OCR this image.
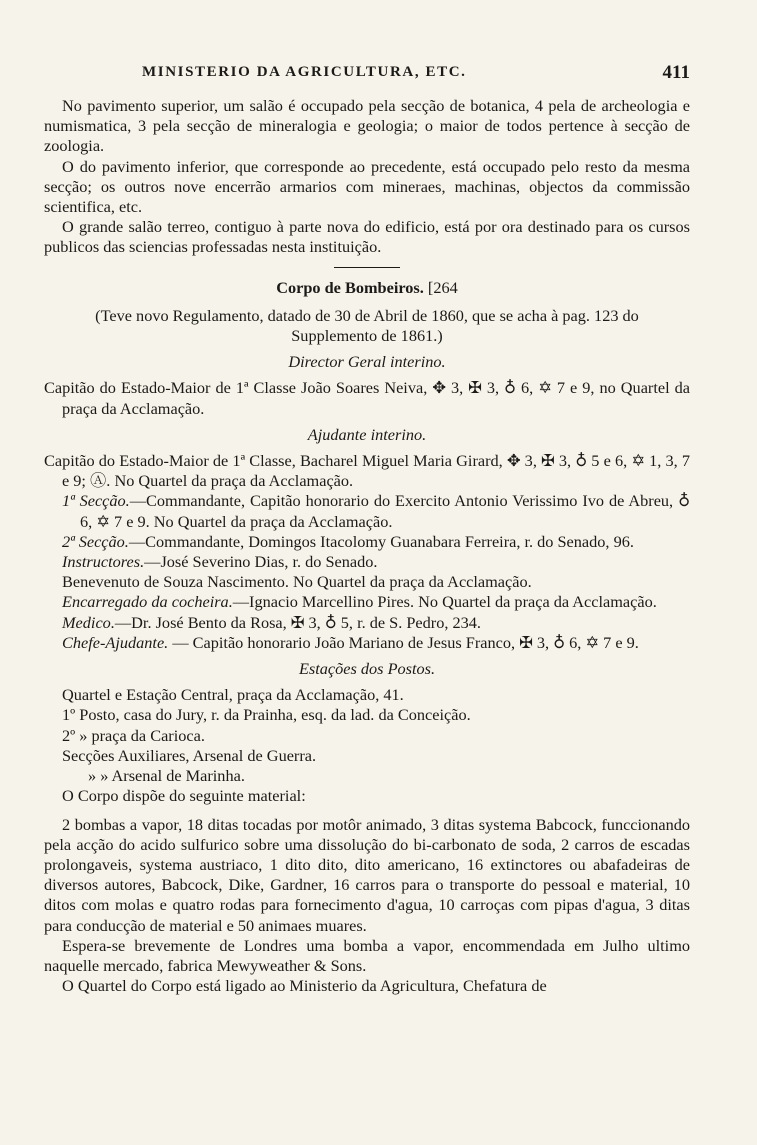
MINISTERIO DA AGRICULTURA, ETC.	411

No pavimento superior, um salão é occupado pela secção de botanica, 4 pela de archeologia e numismatica, 3 pela secção de mineralogia e geologia; o maior de todos pertence à secção de zoologia.

O do pavimento inferior, que corresponde ao precedente, está occupado pelo resto da mesma secção; os outros nove encerrão armarios com mineraes, machinas, objectos da commissão scientifica, etc.

O grande salão terreo, contiguo à parte nova do edificio, está por ora destinado para os cursos publicos das sciencias professadas nesta instituição.

Corpo de Bombeiros. [264

(Teve novo Regulamento, datado de 30 de Abril de 1860, que se acha à pag. 123 do Supplemento de 1861.)

Director Geral interino.

Capitão do Estado-Maior de 1ª Classe João Soares Neiva, ✥ 3, ✠ 3, ♁ 6, ✡ 7 e 9, no Quartel da praça da Acclamação.

Ajudante interino.

Capitão do Estado-Maior de 1ª Classe, Bacharel Miguel Maria Girard, ✥ 3, ✠ 3, ♁ 5 e 6, ✡ 1, 3, 7 e 9; Ⓐ. No Quartel da praça da Acclamação.

1ª Secção.—Commandante, Capitão honorario do Exercito Antonio Verissimo Ivo de Abreu, ♁ 6, ✡ 7 e 9. No Quartel da praça da Acclamação.

2ª Secção.—Commandante, Domingos Itacolomy Guanabara Ferreira, r. do Senado, 96.

Instructores.—José Severino Dias, r. do Senado.

Benevenuto de Souza Nascimento. No Quartel da praça da Acclamação.

Encarregado da cocheira.—Ignacio Marcellino Pires. No Quartel da praça da Acclamação.

Medico.—Dr. José Bento da Rosa, ✠ 3, ♁ 5, r. de S. Pedro, 234.

Chefe-Ajudante. — Capitão honorario João Mariano de Jesus Franco, ✠ 3, ♁ 6, ✡ 7 e 9.

Estações dos Postos.

Quartel e Estação Central, praça da Acclamação, 41.

1º Posto, casa do Jury, r. da Prainha, esq. da lad. da Conceição.

2º » praça da Carioca.

Secções Auxiliares, Arsenal de Guerra.

» » Arsenal de Marinha.

O Corpo dispõe do seguinte material:

2 bombas a vapor, 18 ditas tocadas por motôr animado, 3 ditas systema Babcock, funccionando pela acção do acido sulfurico sobre uma dissolução do bi-carbonato de soda, 2 carros de escadas prolongaveis, systema austriaco, 1 dito dito, dito americano, 16 extinctores ou abafadeiras de diversos autores, Babcock, Dike, Gardner, 16 carros para o transporte do pessoal e material, 10 ditos com molas e quatro rodas para fornecimento d'agua, 10 carroças com pipas d'agua, 3 ditas para conducção de material e 50 animaes muares.

Espera-se brevemente de Londres uma bomba a vapor, encommendada em Julho ultimo naquelle mercado, fabrica Mewyweather & Sons.

O Quartel do Corpo está ligado ao Ministerio da Agricultura, Chefatura de
